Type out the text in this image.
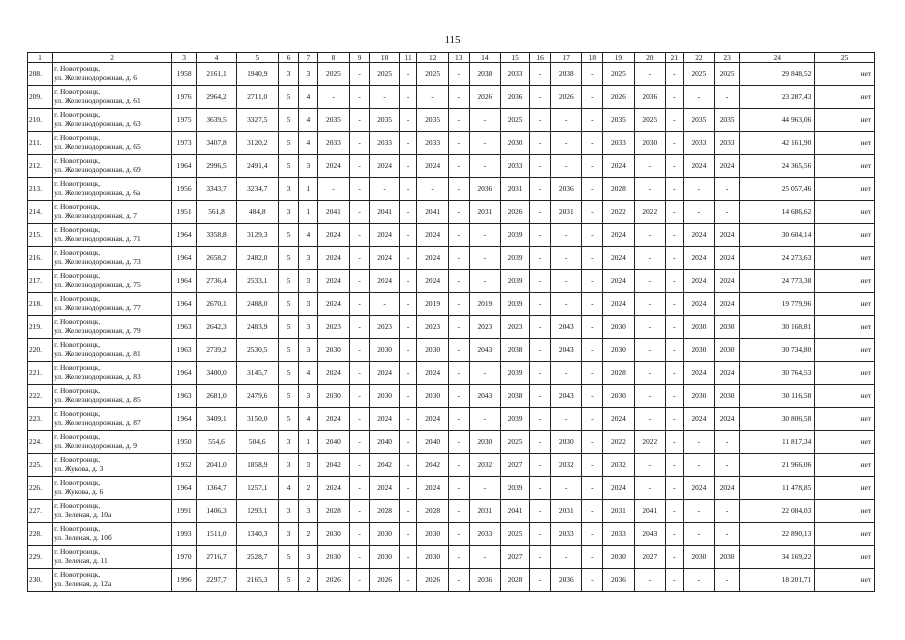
115
1	2	3	4	5	6	7	8	9	10	11	12	13	14	15	16	17	18	19	20	21	22	23	24	25
208.	г. Новотроицк,
ул. Железнодорожная, д. 6	1958	2161,1	1940,9	3	3	2025	-	2025	-	2025	-	2038	2033	-	2038	-	2025	-	-	2025	2025	29 848,52	нет
209.	г. Новотроицк,
ул. Железнодорожная, д. 61	1976	2964,2	2711,0	5	4	-	-	-	-	-	-	2026	2036	-	2026	-	2026	2036	-	-	-	23 287,43	нет
210.	г. Новотроицк,
ул. Железнодорожная, д. 63	1975	3639,5	3327,5	5	4	2035	-	2035	-	2035	-	-	2025	-	-	-	2035	2025	-	2035	2035	44 963,06	нет
211.	г. Новотроицк,
ул. Железнодорожная, д. 65	1973	3407,8	3120,2	5	4	2033	-	2033	-	2033	-	-	2030	-	-	-	2033	2030	-	2033	2033	42 161,90	нет
212.	г. Новотроицк,
ул. Железнодорожная, д. 69	1964	2996,5	2491,4	5	3	2024	-	2024	-	2024	-	-	2033	-	-	-	2024	-	-	2024	2024	24 365,56	нет
213.	г. Новотроицк,
ул. Железнодорожная, д. 6а	1956	3343,7	3234,7	3	1	-	-	-	-	-	-	2036	2031	-	2036	-	2028	-	-	-	-	25 057,46	нет
214.	г. Новотроицк,
ул. Железнодорожная, д. 7	1951	561,8	484,8	3	1	2041	-	2041	-	2041	-	2031	2026	-	2031	-	2022	2022	-	-	-	14 686,62	нет
215.	г. Новотроицк,
ул. Железнодорожная, д. 71	1964	3358,8	3129,3	5	4	2024	-	2024	-	2024	-	-	2039	-	-	-	2024	-	-	2024	2024	30 604,14	нет
216.	г. Новотроицк,
ул. Железнодорожная, д. 73	1964	2658,2	2482,0	5	3	2024	-	2024	-	2024	-	-	2039	-	-	-	2024	-	-	2024	2024	24 273,63	нет
217.	г. Новотроицк,
ул. Железнодорожная, д. 75	1964	2736,4	2533,1	5	3	2024	-	2024	-	2024	-	-	2039	-	-	-	2024	-	-	2024	2024	24 773,38	нет
218.	г. Новотроицк,
ул. Железнодорожная, д. 77	1964	2670,1	2488,0	5	3	2024	-	-	-	2019	-	2019	2039	-	-	-	2024	-	-	2024	2024	19 779,96	нет
219.	г. Новотроицк,
ул. Железнодорожная, д. 79	1963	2642,3	2483,9	5	3	2023	-	2023	-	2023	-	2023	2023	-	2043	-	2030	-	-	2030	2030	30 168,81	нет
220.	г. Новотроицк,
ул. Железнодорожная, д. 81	1963	2739,2	2530,5	5	3	2030	-	2030	-	2030	-	2043	2038	-	2043	-	2030	-	-	2030	2030	30 734,80	нет
221.	г. Новотроицк,
ул. Железнодорожная, д. 83	1964	3400,0	3145,7	5	4	2024	-	2024	-	2024	-	-	2039	-	-	-	2028	-	-	2024	2024	30 764,53	нет
222.	г. Новотроицк,
ул. Железнодорожная, д. 85	1963	2681,0	2479,6	5	3	2030	-	2030	-	2030	-	2043	2038	-	2043	-	2030	-	-	2030	2030	30 116,58	нет
223.	г. Новотроицк,
ул. Железнодорожная, д. 87	1964	3409,1	3150,0	5	4	2024	-	2024	-	2024	-	-	2039	-	-	-	2024	-	-	2024	2024	30 806,58	нет
224.	г. Новотроицк,
ул. Железнодорожная, д. 9	1950	554,6	504,6	3	1	2040	-	2040	-	2040	-	2030	2025	-	2030	-	2022	2022	-	-	-	11 817,34	нет
225.	г. Новотроицк,
ул. Жукова, д. 3	1952	2041,0	1858,9	3	3	2042	-	2042	-	2042	-	2032	2027	-	2032	-	2032	-	-	-	-	21 966,06	нет
226.	г. Новотроицк,
ул. Жукова, д. 6	1964	1364,7	1257,1	4	2	2024	-	2024	-	2024	-	-	2039	-	-	-	2024	-	-	2024	2024	11 478,85	нет
227.	г. Новотроицк,
ул. Зеленая, д. 10а	1991	1406,3	1293,1	3	3	2028	-	2028	-	2028	-	2031	2041	-	2031	-	2031	2041	-	-	-	22 084,03	нет
228.	г. Новотроицк,
ул. Зеленая, д. 10б	1993	1511,0	1340,3	3	2	2030	-	2030	-	2030	-	2033	2025	-	2033	-	2033	2043	-	-	-	22 890,13	нет
229.	г. Новотроицк,
ул. Зеленая, д. 11	1970	2716,7	2528,7	5	3	2030	-	2030	-	2030	-	-	2027	-	-	-	2030	2027	-	2030	2030	34 169,22	нет
230.	г. Новотроицк,
ул. Зеленая, д. 12а	1996	2297,7	2165,3	5	2	2026	-	2026	-	2026	-	2036	2028	-	2036	-	2036	-	-	-	-	18 201,71	нет
